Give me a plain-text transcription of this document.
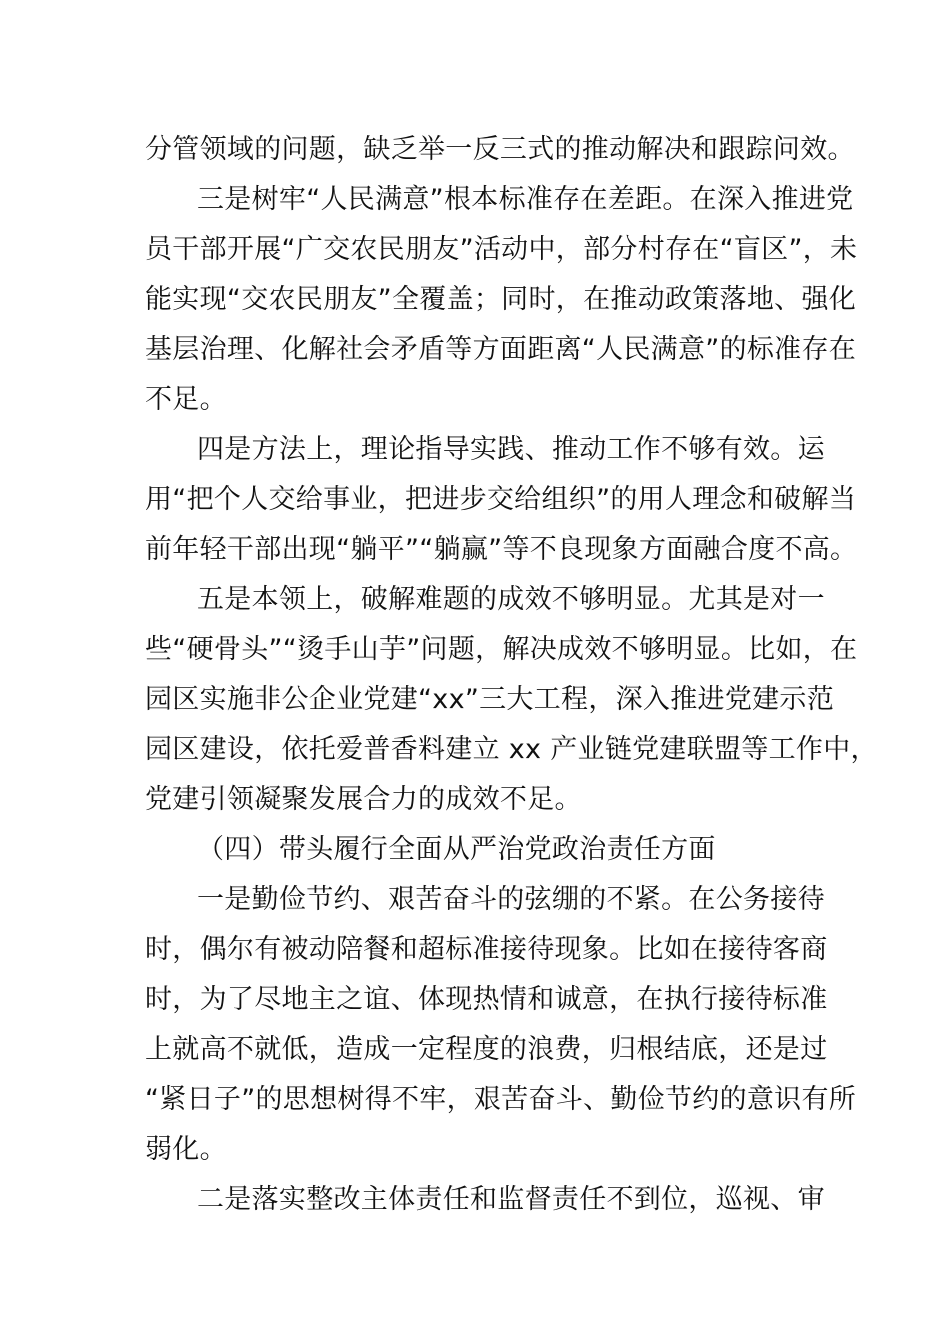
分管领域的问题，缺乏举一反三式的推动解决和跟踪问效。
三是树牢“人民满意”根本标准存在差距。在深入推进党
员干部开展“广交农民朋友”活动中，部分村存在“盲区”，未
能实现“交农民朋友”全覆盖；同时，在推动政策落地、强化
基层治理、化解社会矛盾等方面距离“人民满意”的标准存在
不足。
四是方法上，理论指导实践、推动工作不够有效。运
用“把个人交给事业，把进步交给组织”的用人理念和破解当
前年轻干部出现“躺平”“躺赢”等不良现象方面融合度不高。
五是本领上，破解难题的成效不够明显。尤其是对一
些“硬骨头”“烫手山芋”问题，解决成效不够明显。比如，在
园区实施非公企业党建“xx”三大工程，深入推进党建示范
园区建设，依托爱普香料建立 xx 产业链党建联盟等工作中，
党建引领凝聚发展合力的成效不足。
（四）带头履行全面从严治党政治责任方面
一是勤俭节约、艰苦奋斗的弦绷的不紧。在公务接待
时，偶尔有被动陪餐和超标准接待现象。比如在接待客商
时，为了尽地主之谊、体现热情和诚意，在执行接待标准
上就高不就低，造成一定程度的浪费，归根结底，还是过
“紧日子”的思想树得不牢，艰苦奋斗、勤俭节约的意识有所
弱化。
二是落实整改主体责任和监督责任不到位，巡视、审
